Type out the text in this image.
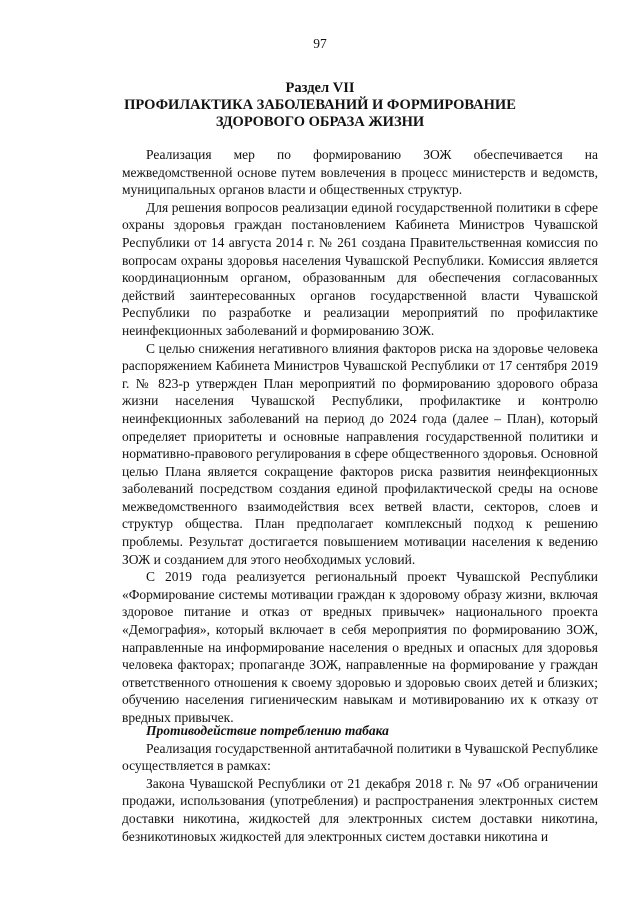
97
Раздел VII
ПРОФИЛАКТИКА ЗАБОЛЕВАНИЙ И ФОРМИРОВАНИЕ
ЗДОРОВОГО ОБРАЗА ЖИЗНИ

Реализация мер по формированию ЗОЖ обеспечивается на межведомственной основе путем вовлечения в процесс министерств и ведомств, муниципальных органов власти и общественных структур.

Для решения вопросов реализации единой государственной политики в сфере охраны здоровья граждан постановлением Кабинета Министров Чувашской Республики от 14 августа 2014 г. № 261 создана Правительственная комиссия по вопросам охраны здоровья населения Чувашской Республики. Комиссия является координационным органом, образованным для обеспечения согласованных действий заинтересованных органов государственной власти Чувашской Республики по разработке и реализации мероприятий по профилактике неинфекционных заболеваний и формированию ЗОЖ.

С целью снижения негативного влияния факторов риска на здоровье человека распоряжением Кабинета Министров Чувашской Республики от 17 сентября 2019 г. № 823-р утвержден План мероприятий по формированию здорового образа жизни населения Чувашской Республики, профилактике и контролю неинфекционных заболеваний на период до 2024 года (далее – План), который определяет приоритеты и основные направления государственной политики и нормативно-правового регулирования в сфере общественного здоровья. Основной целью Плана является сокращение факторов риска развития неинфекционных заболеваний посредством создания единой профилактической среды на основе межведомственного взаимодействия всех ветвей власти, секторов, слоев и структур общества. План предполагает комплексный подход к решению проблемы. Результат достигается повышением мотивации населения к ведению ЗОЖ и созданием для этого необходимых условий.

С 2019 года реализуется региональный проект Чувашской Республики «Формирование системы мотивации граждан к здоровому образу жизни, включая здоровое питание и отказ от вредных привычек» национального проекта «Демография», который включает в себя мероприятия по формированию ЗОЖ, направленные на информирование населения о вредных и опасных для здоровья человека факторах; пропаганде ЗОЖ, направленные на формирование у граждан ответственного отношения к своему здоровью и здоровью своих детей и близких; обучению населения гигиеническим навыкам и мотивированию их к отказу от вредных привычек.

Противодействие потреблению табака

Реализация государственной антитабачной политики в Чувашской Республике осуществляется в рамках:

Закона Чувашской Республики от 21 декабря 2018 г. № 97 «Об ограничении продажи, использования (употребления) и распространения электронных систем доставки никотина, жидкостей для электронных систем доставки никотина, безникотиновых жидкостей для электронных систем доставки никотина и
